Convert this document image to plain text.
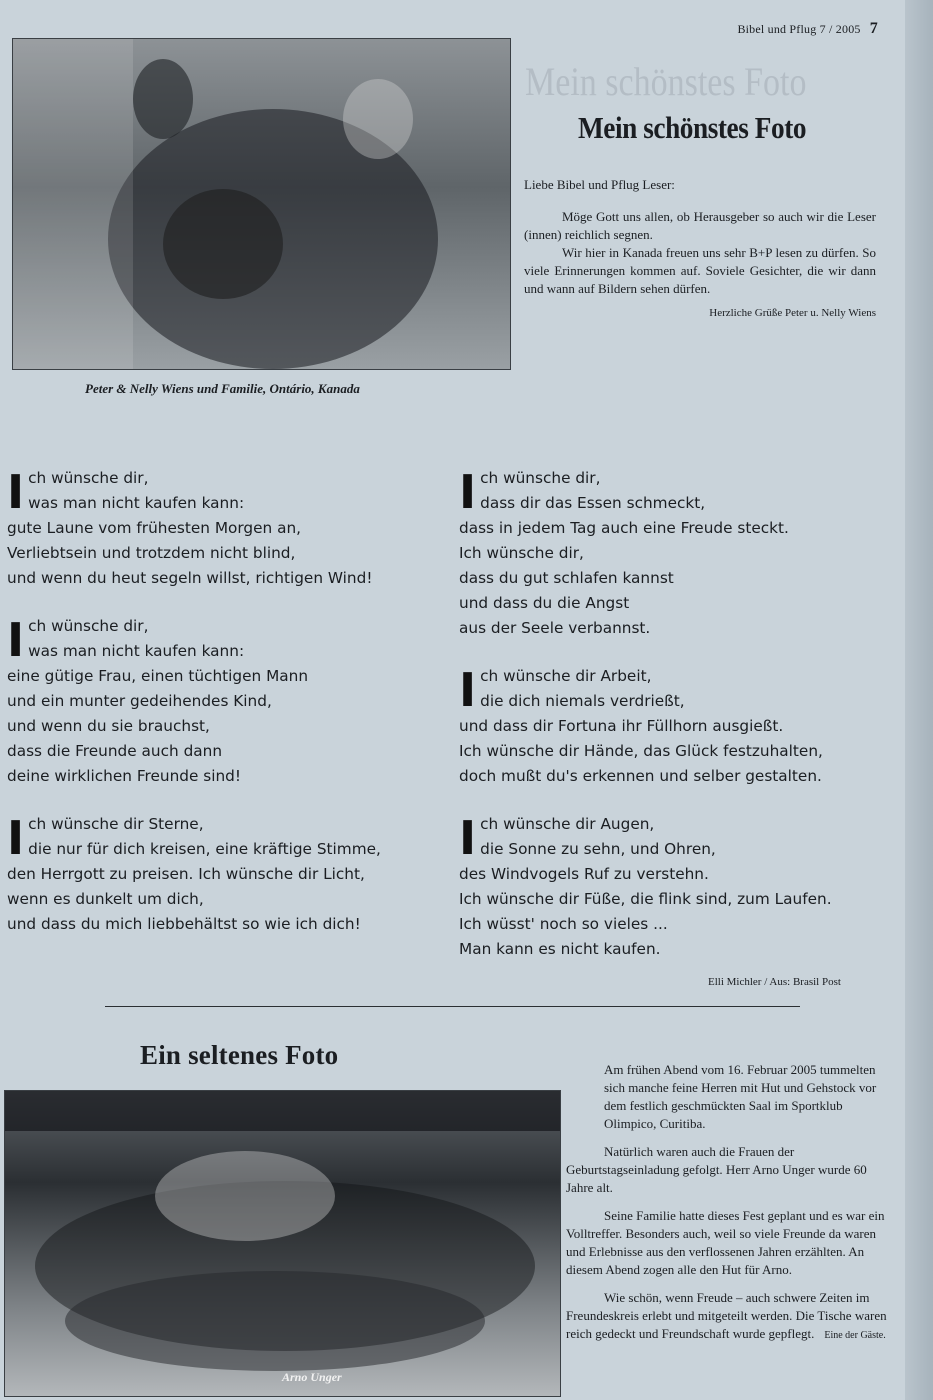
Bibel und Pflug 7 / 2005 7
Mein schönstes Foto
Peter & Nelly Wiens und Familie, Ontário, Kanada
Mein schönstes Foto

Liebe Bibel und Pflug Leser:

Möge Gott uns allen, ob Herausgeber so auch wir die Leser (innen) reichlich segnen.

Wir hier in Kanada freuen uns sehr B+P lesen zu dürfen. So viele Erinnerungen kommen auf. Soviele Gesichter, die wir dann und wann auf Bildern sehen dürfen.

Herzliche Grüße Peter u. Nelly Wiens

I ch wünsche dir,
was man nicht kaufen kann:
gute Laune vom frühesten Morgen an,
Verliebtsein und trotzdem nicht blind,
und wenn du heut segeln willst, richtigen Wind!
I ch wünsche dir,
was man nicht kaufen kann:
eine gütige Frau, einen tüchtigen Mann
und ein munter gedeihendes Kind,
und wenn du sie brauchst,
dass die Freunde auch dann
deine wirklichen Freunde sind!
I ch wünsche dir Sterne,
die nur für dich kreisen, eine kräftige Stimme,
den Herrgott zu preisen. Ich wünsche dir Licht,
wenn es dunkelt um dich,
und dass du mich liebbehältst so wie ich dich!
I ch wünsche dir,
dass dir das Essen schmeckt,
dass in jedem Tag auch eine Freude steckt.
Ich wünsche dir,
dass du gut schlafen kannst
und dass du die Angst
aus der Seele verbannst.
I ch wünsche dir Arbeit,
die dich niemals verdrießt,
und dass dir Fortuna ihr Füllhorn ausgießt.
Ich wünsche dir Hände, das Glück festzuhalten,
doch mußt du's erkennen und selber gestalten.
I ch wünsche dir Augen,
die Sonne zu sehn, und Ohren,
des Windvogels Ruf zu verstehn.
Ich wünsche dir Füße, die flink sind, zum Laufen.
Ich wüsst' noch so vieles ...
Man kann es nicht kaufen.
Elli Michler / Aus: Brasil Post
Ein seltenes Foto
Arno Unger

Am frühen Abend vom 16. Februar 2005 tummelten sich manche feine Herren mit Hut und Gehstock vor dem festlich geschmückten Saal im Sportklub Olimpico, Curitiba.

Natürlich waren auch die Frauen der Geburtstagseinladung gefolgt. Herr Arno Unger wurde 60 Jahre alt.

Seine Familie hatte dieses Fest geplant und es war ein Volltreffer. Besonders auch, weil so viele Freunde da waren und Erlebnisse aus den verflossenen Jahren erzählten. An diesem Abend zogen alle den Hut für Arno.

Wie schön, wenn Freude – auch schwere Zeiten im Freundeskreis erlebt und mitgeteilt werden. Die Tische waren reich gedeckt und Freundschaft wurde gepflegt. Eine der Gäste.
